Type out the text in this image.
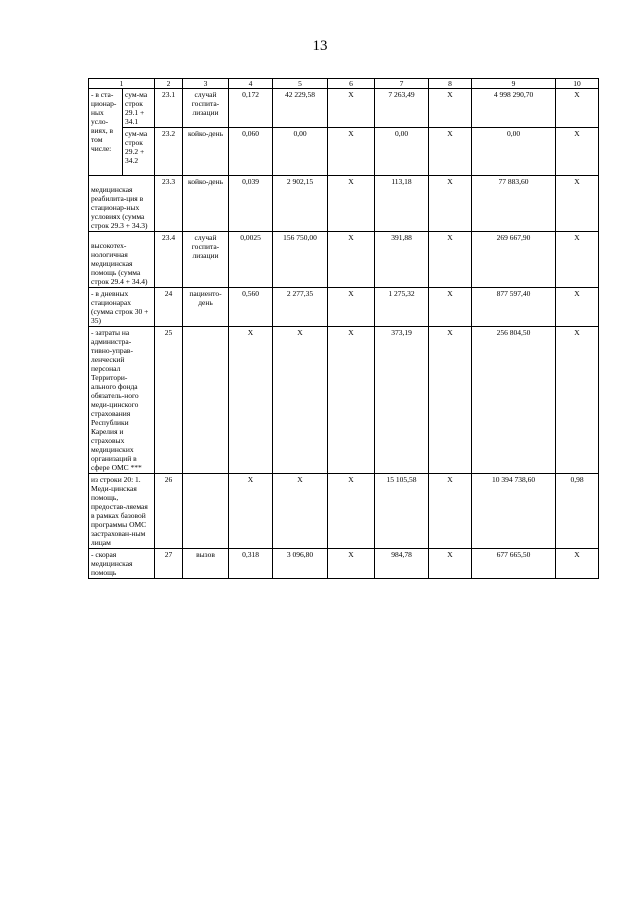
13
1		2	3	4	5	6	7	8	9	10
- в ста-ционар-ных усло-виях, в том числе:	сум-ма строк 29.1 + 34.1	23.1	случай госпита-лизации	0,172	42 229,58	Х	7 263,49	Х	4 998 290,70	Х
	сум-ма строк 29.2 + 34.2	23.2	койко-день	0,060	0,00	Х	0,00	Х	0,00	Х
медицинская реабилита-ция в стационар-ных условиях (сумма строк 29.3 + 34.3)		23.3	койко-день	0,039	2 902,15	Х	113,18	Х	77 883,60	Х
высокотех-нологичная медицинская помощь (сумма строк 29.4 + 34.4)		23.4	случай госпита-лизации	0,0025	156 750,00	Х	391,88	Х	269 667,90	Х
- в дневных стационарах (сумма строк 30 + 35)		24	пациенто-день	0,560	2 277,35	Х	1 275,32	Х	877 597,40	Х
- затраты на администра-тивно-управ-ленческий персонал Территори-ального фонда обязатель-ного меди-цинского страхования Республики Карелия и страховых медицинских организаций в сфере ОМС ***		25		Х	Х	Х	373,19	Х	256 804,50	Х
из строки 20: 1. Меди-цинская помощь, предостав-ляемая в рамках базовой программы ОМС застрахован-ным лицам		26		Х	Х	Х	15 105,58	Х	10 394 738,60	0,98
- скорая медицинская помощь		27	вызов	0,318	3 096,80	Х	984,78	Х	677 665,50	Х
